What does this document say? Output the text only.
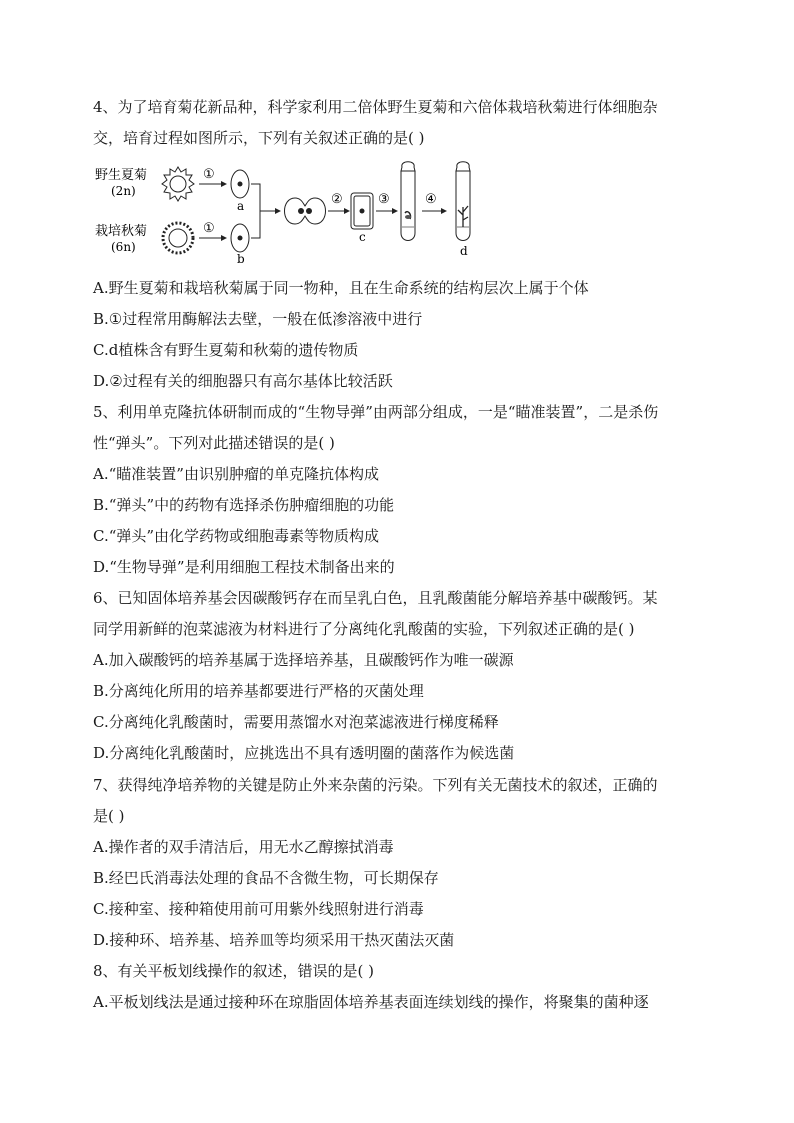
4、为了培育菊花新品种，科学家利用二倍体野生夏菊和六倍体栽培秋菊进行体细胞杂
交，培育过程如图所示，下列有关叙述正确的是( )
野生夏菊
(2n)
栽培秋菊
(6n)
①
①
a
b
②
c
③	④
d
A.野生夏菊和栽培秋菊属于同一物种，且在生命系统的结构层次上属于个体
B.①过程常用酶解法去壁，一般在低渗溶液中进行
C.d植株含有野生夏菊和秋菊的遗传物质
D.②过程有关的细胞器只有高尔基体比较活跃
5、利用单克隆抗体研制而成的“生物导弹”由两部分组成，一是“瞄准装置”，二是杀伤
性“弹头”。下列对此描述错误的是( )
A.“瞄准装置”由识别肿瘤的单克隆抗体构成
B.“弹头”中的药物有选择杀伤肿瘤细胞的功能
C.“弹头”由化学药物或细胞毒素等物质构成
D.“生物导弹”是利用细胞工程技术制备出来的
6、已知固体培养基会因碳酸钙存在而呈乳白色，且乳酸菌能分解培养基中碳酸钙。某
同学用新鲜的泡菜滤液为材料进行了分离纯化乳酸菌的实验，下列叙述正确的是( )
A.加入碳酸钙的培养基属于选择培养基，且碳酸钙作为唯一碳源
B.分离纯化所用的培养基都要进行严格的灭菌处理
C.分离纯化乳酸菌时，需要用蒸馏水对泡菜滤液进行梯度稀释
D.分离纯化乳酸菌时，应挑选出不具有透明圈的菌落作为候选菌
7、获得纯净培养物的关键是防止外来杂菌的污染。下列有关无菌技术的叙述，正确的
是( )
A.操作者的双手清洁后，用无水乙醇擦拭消毒
B.经巴氏消毒法处理的食品不含微生物，可长期保存
C.接种室、接种箱使用前可用紫外线照射进行消毒
D.接种环、培养基、培养皿等均须采用干热灭菌法灭菌
8、有关平板划线操作的叙述，错误的是( )
A.平板划线法是通过接种环在琼脂固体培养基表面连续划线的操作，将聚集的菌种逐
